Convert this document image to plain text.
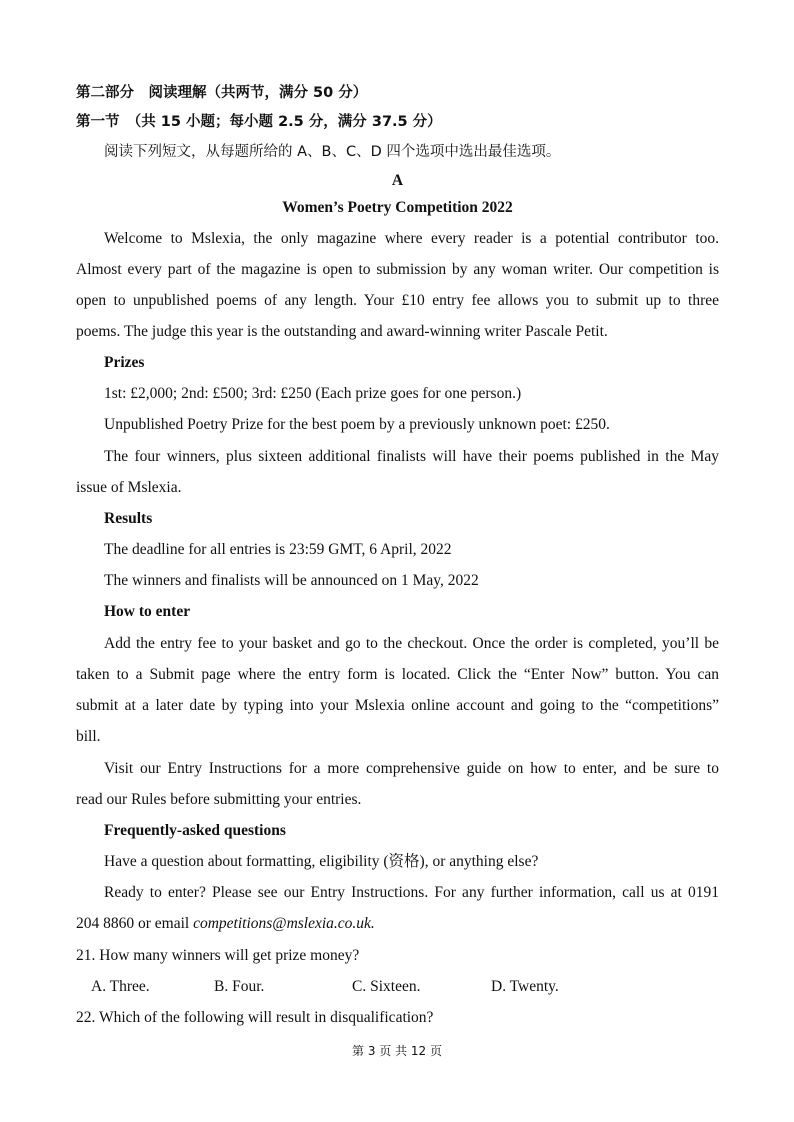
第二部分　阅读理解（共两节，满分 50 分）
第一节　（共 15 小题；每小题 2.5 分，满分 37.5 分）
阅读下列短文，从每题所给的 A、B、C、D 四个选项中选出最佳选项。
A
Women’s Poetry Competition 2022
Welcome to Mslexia, the only magazine where every reader is a potential contributor too.
Almost every part of the magazine is open to submission by any woman writer. Our competition is
open to unpublished poems of any length. Your £10 entry fee allows you to submit up to three
poems. The judge this year is the outstanding and award-winning writer Pascale Petit.
Prizes
1st: £2,000; 2nd: £500; 3rd: £250 (Each prize goes for one person.)
Unpublished Poetry Prize for the best poem by a previously unknown poet: £250.
The four winners, plus sixteen additional finalists will have their poems published in the May
issue of Mslexia.
Results
The deadline for all entries is 23:59 GMT, 6 April, 2022
The winners and finalists will be announced on 1 May, 2022
How to enter
Add the entry fee to your basket and go to the checkout. Once the order is completed, you’ll be
taken to a Submit page where the entry form is located. Click the “Enter Now” button. You can
submit at a later date by typing into your Mslexia online account and going to the “competitions”
bill.
Visit our Entry Instructions for a more comprehensive guide on how to enter, and be sure to
read our Rules before submitting your entries.
Frequently-asked questions
Have a question about formatting, eligibility (资格), or anything else?
Ready to enter? Please see our Entry Instructions. For any further information, call us at 0191
204 8860 or email competitions@mslexia.co.uk.
21. How many winners will get prize money?
A. Three.	B. Four.	C. Sixteen.	D. Twenty.
22. Which of the following will result in disqualification?
第 3 页 共 12 页
